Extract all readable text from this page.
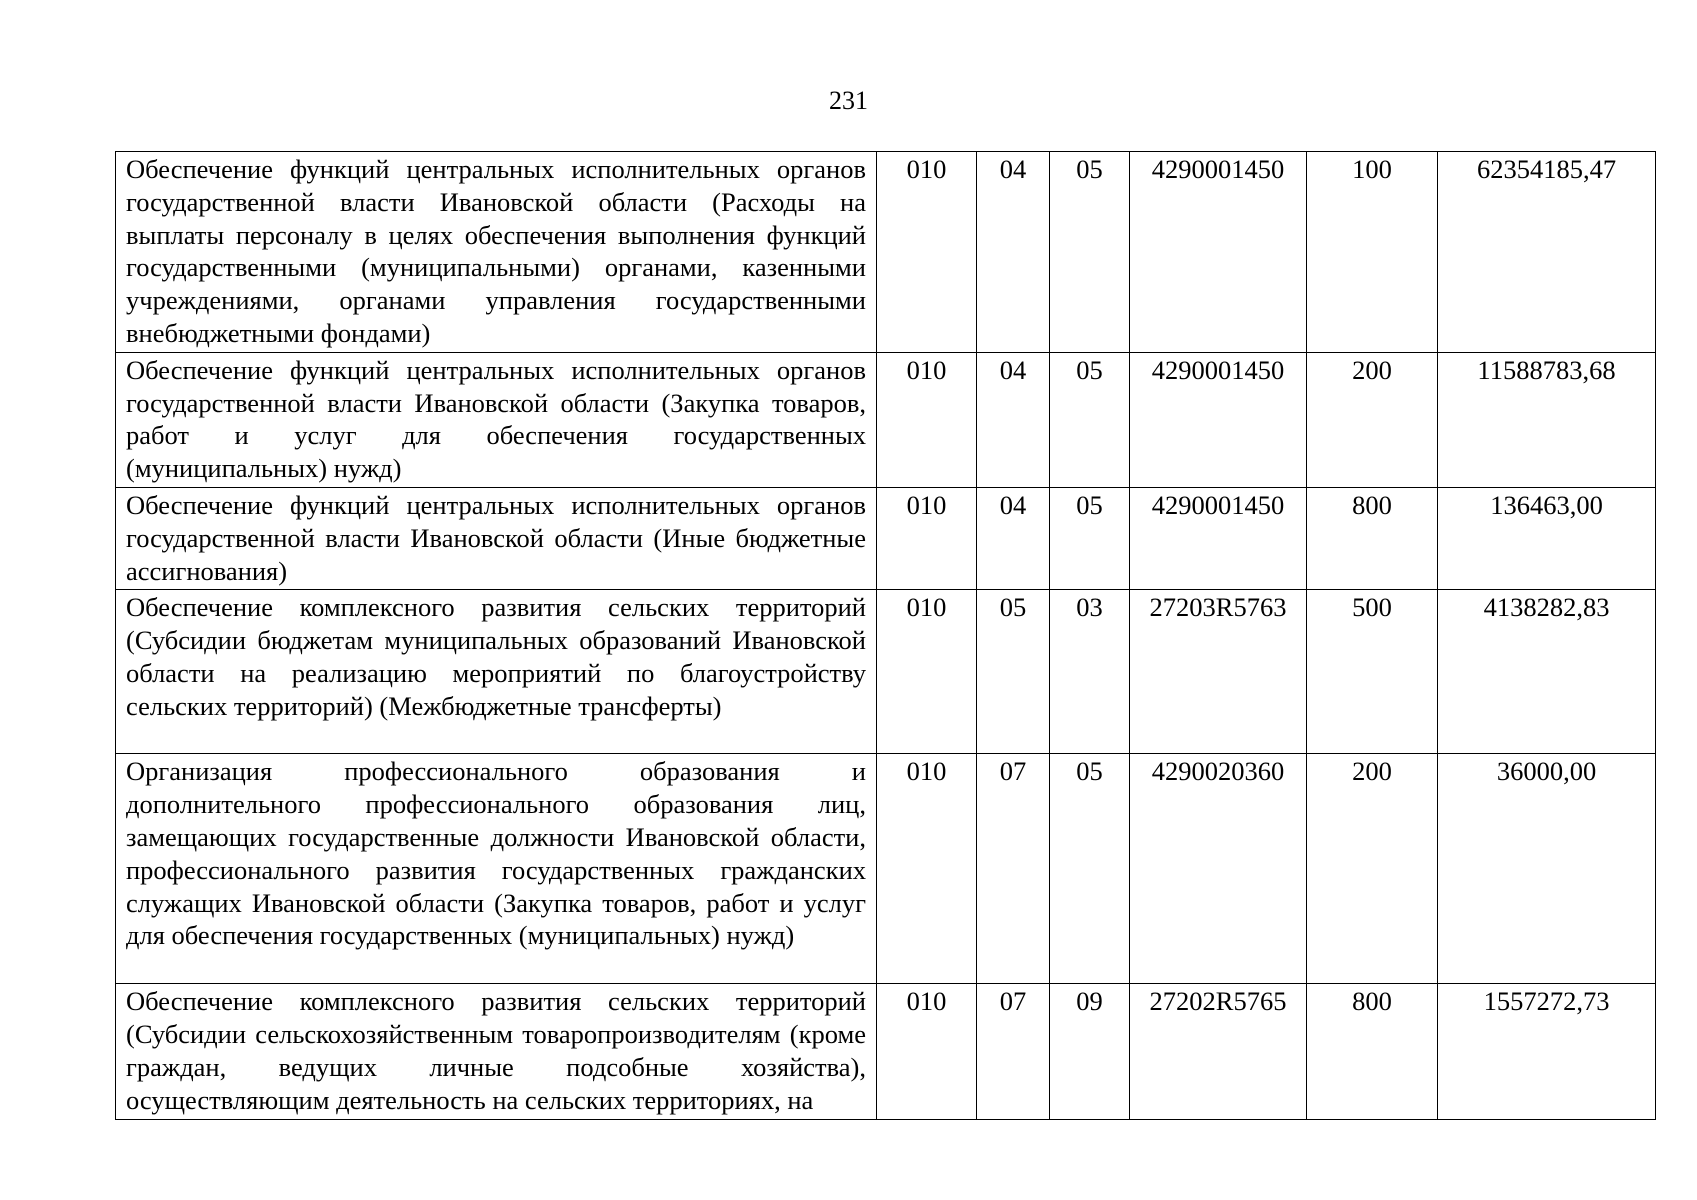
231
Обеспечение функций центральных исполнительных органов государственной власти Ивановской области (Расходы на выплаты персоналу в целях обеспечения выполнения функций государственными (муниципальными) органами, казенными учреждениями, органами управления государственными внебюджетными фондами)	010	04	05	4290001450	100	62354185,47
Обеспечение функций центральных исполнительных органов государственной власти Ивановской области (Закупка товаров, работ и услуг для обеспечения государственных (муниципальных) нужд)	010	04	05	4290001450	200	11588783,68
Обеспечение функций центральных исполнительных органов государственной власти Ивановской области (Иные бюджетные ассигнования)	010	04	05	4290001450	800	136463,00
Обеспечение комплексного развития сельских территорий (Субсидии бюджетам муниципальных образований Ивановской области на реализацию мероприятий по благоустройству сельских территорий) (Межбюджетные трансферты)	010	05	03	27203R5763	500	4138282,83
Организация профессионального образования и дополнительного профессионального образования лиц, замещающих государственные должности Ивановской области, профессионального развития государственных гражданских служащих Ивановской области (Закупка товаров, работ и услуг для обеспечения государственных (муниципальных) нужд)	010	07	05	4290020360	200	36000,00
Обеспечение комплексного развития сельских территорий (Субсидии сельскохозяйственным товаропроизводителям (кроме граждан, ведущих личные подсобные хозяйства), осуществляющим деятельность на сельских территориях, на	010	07	09	27202R5765	800	1557272,73
